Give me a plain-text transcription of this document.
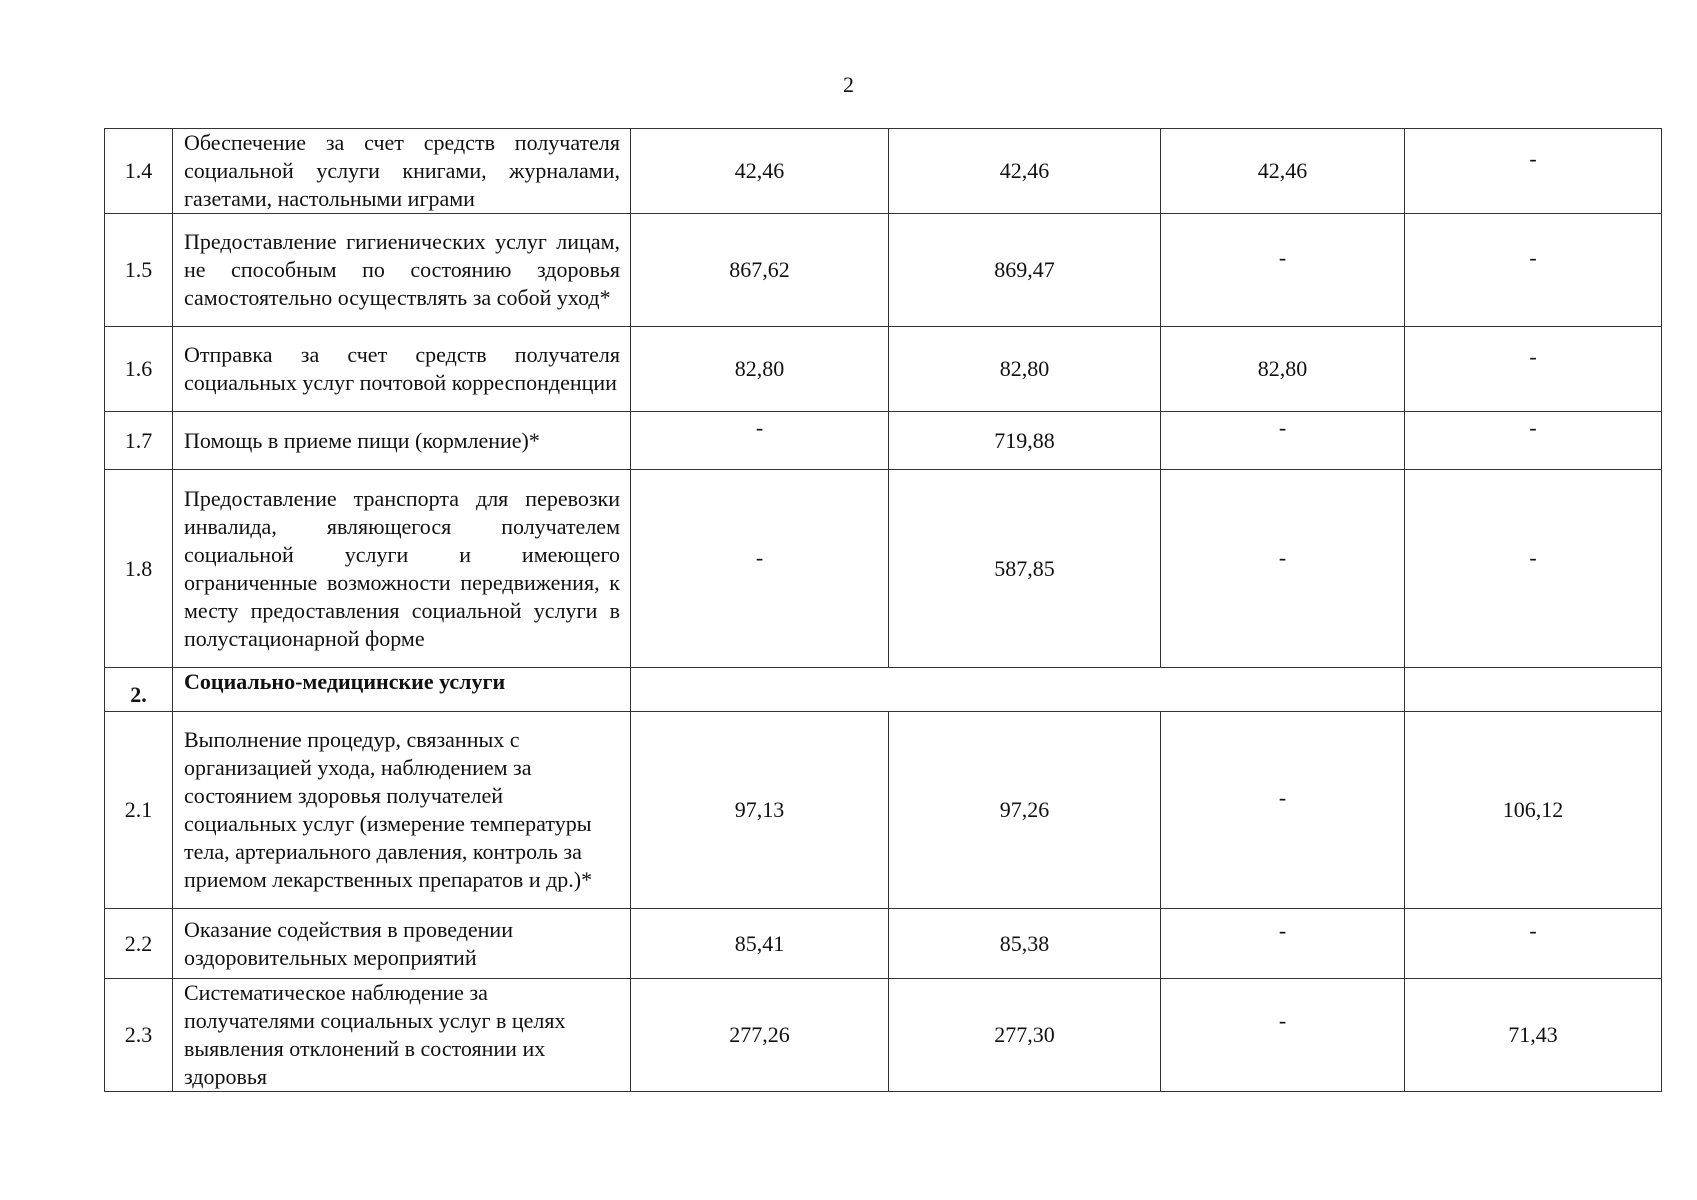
2
1.4	Обеспечение за счет средств получателя социальной услуги книгами, журналами, газетами, настольными играми	42,46	42,46	42,46	-
1.5	Предоставление гигиенических услуг лицам, не способным по состоянию здоровья самостоятельно осуществлять за собой уход*	867,62	869,47	-	-
1.6	Отправка за счет средств получателя социальных услуг почтовой корреспонденции	82,80	82,80	82,80	-
1.7	Помощь в приеме пищи (кормление)*	-	719,88	-	-
1.8	Предоставление транспорта для перевозки инвалида, являющегося получателем социальной услуги и имеющего ограниченные возможности передвижения, к месту предоставления социальной услуги в полустационарной форме	-	587,85	-	-
2.	Социально-медицинские услуги				
2.1	Выполнение процедур, связанных с организацией ухода, наблюдением за состоянием здоровья получателей социальных услуг (измерение температуры тела, артериального давления, контроль за приемом лекарственных препаратов и др.)*	97,13	97,26	-	106,12
2.2	Оказание содействия в проведении оздоровительных мероприятий	85,41	85,38	-	-
2.3	Систематическое наблюдение за получателями социальных услуг в целях выявления отклонений в состоянии их здоровья	277,26	277,30	-	71,43
